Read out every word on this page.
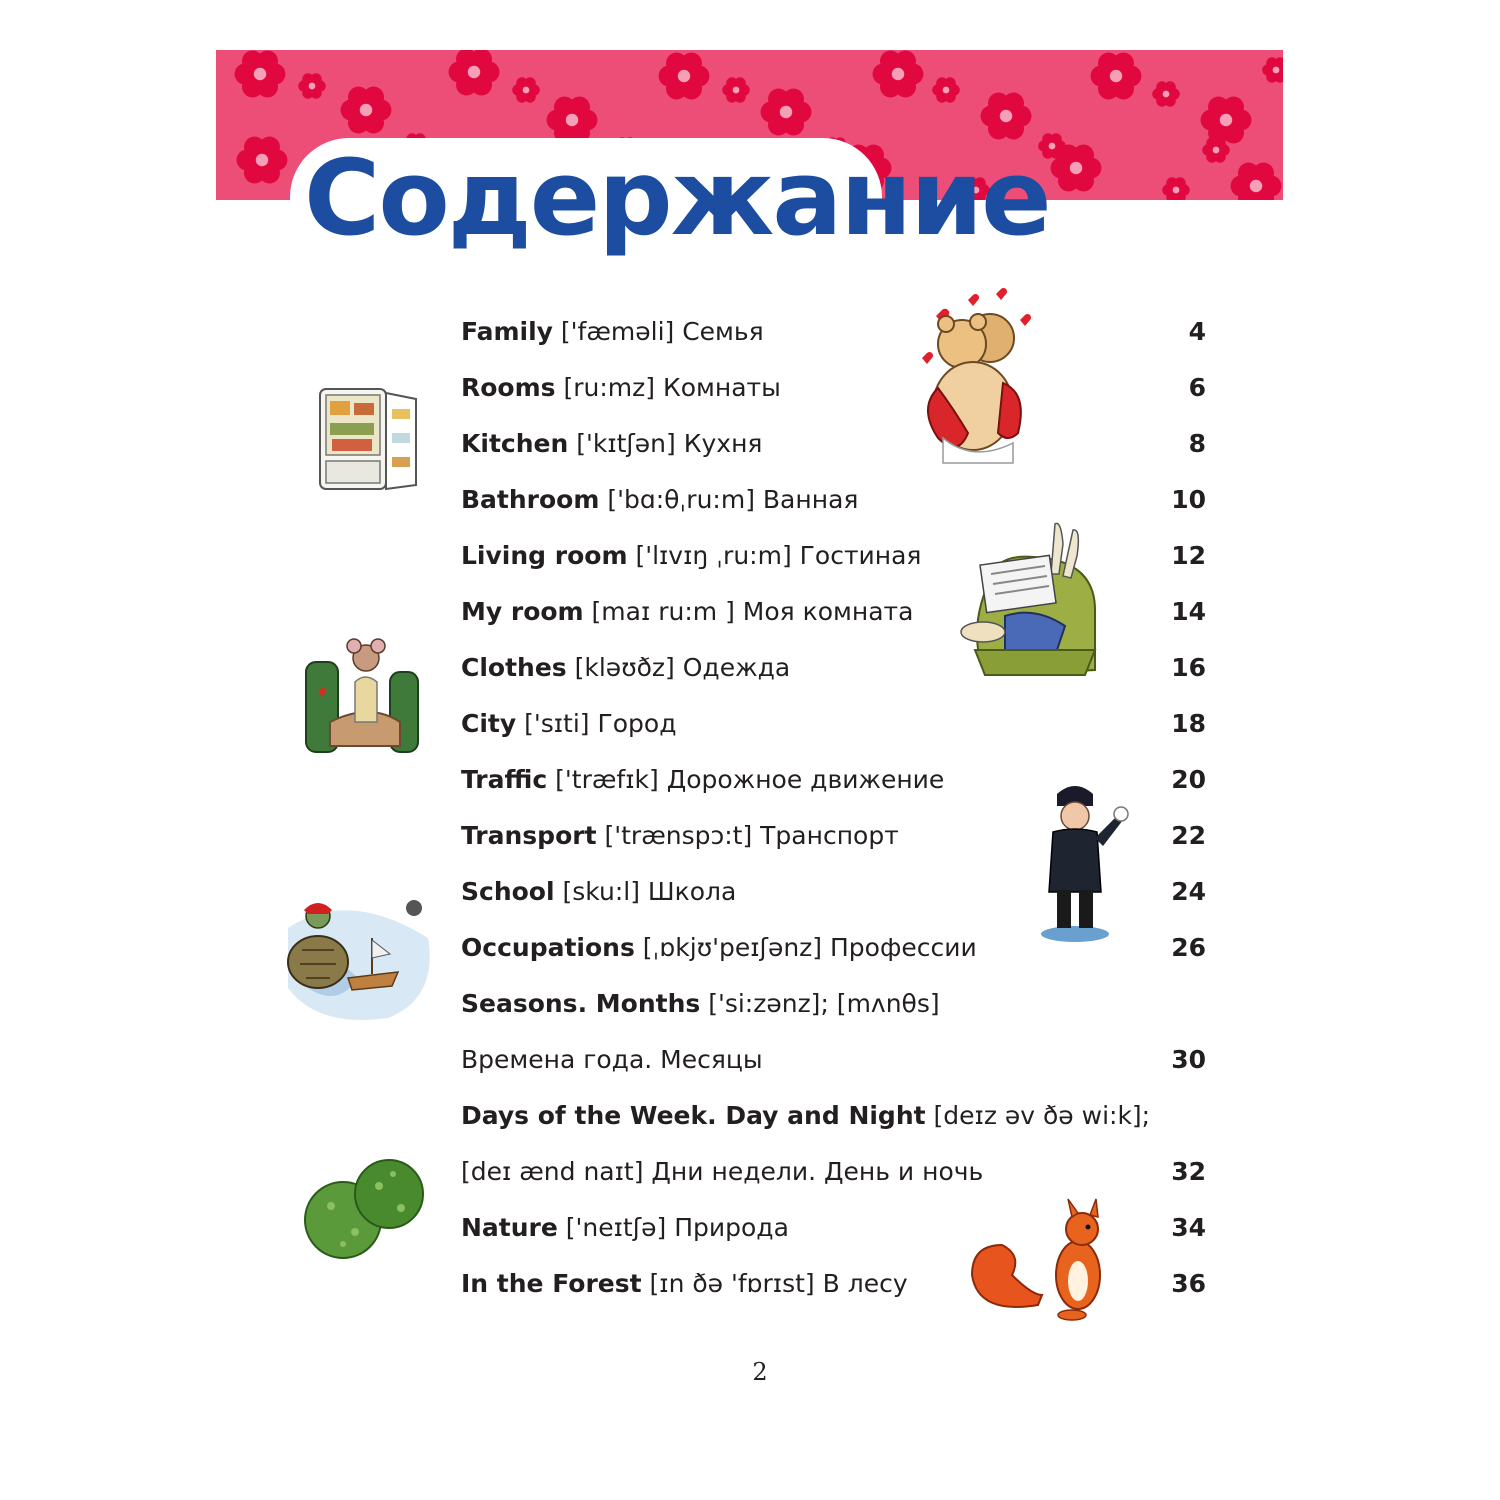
Содержание
Family ['fæməli] Семья	4
Rooms [ru:mz] Комнаты	6
Kitchen ['kɪtʃən] Кухня	8
Bathroom ['bɑ:θˌru:m] Ванная	10
Living room ['lɪvɪŋ ˌru:m] Гостиная	12
My room [maɪ ru:m ] Моя комната	14
Clothes [kləʊðz] Одежда	16
City ['sɪti] Город	18
Traffic ['træfɪk] Дорожное движение	20
Transport ['trænspɔ:t] Транспорт	22
School [sku:l] Школа	24
Occupations [ˌɒkjʊ'peɪʃənz] Профессии	26
Seasons. Months ['si:zənz]; [mʌnθs]
Времена года. Месяцы	30
Days of the Week. Day and Night [deɪz əv ðə wi:k];
[deɪ ænd naɪt] Дни недели. День и ночь	32
Nature ['neɪtʃə] Природа	34
In the Forest [ɪn ðə 'fɒrɪst] В лесу	36
2
